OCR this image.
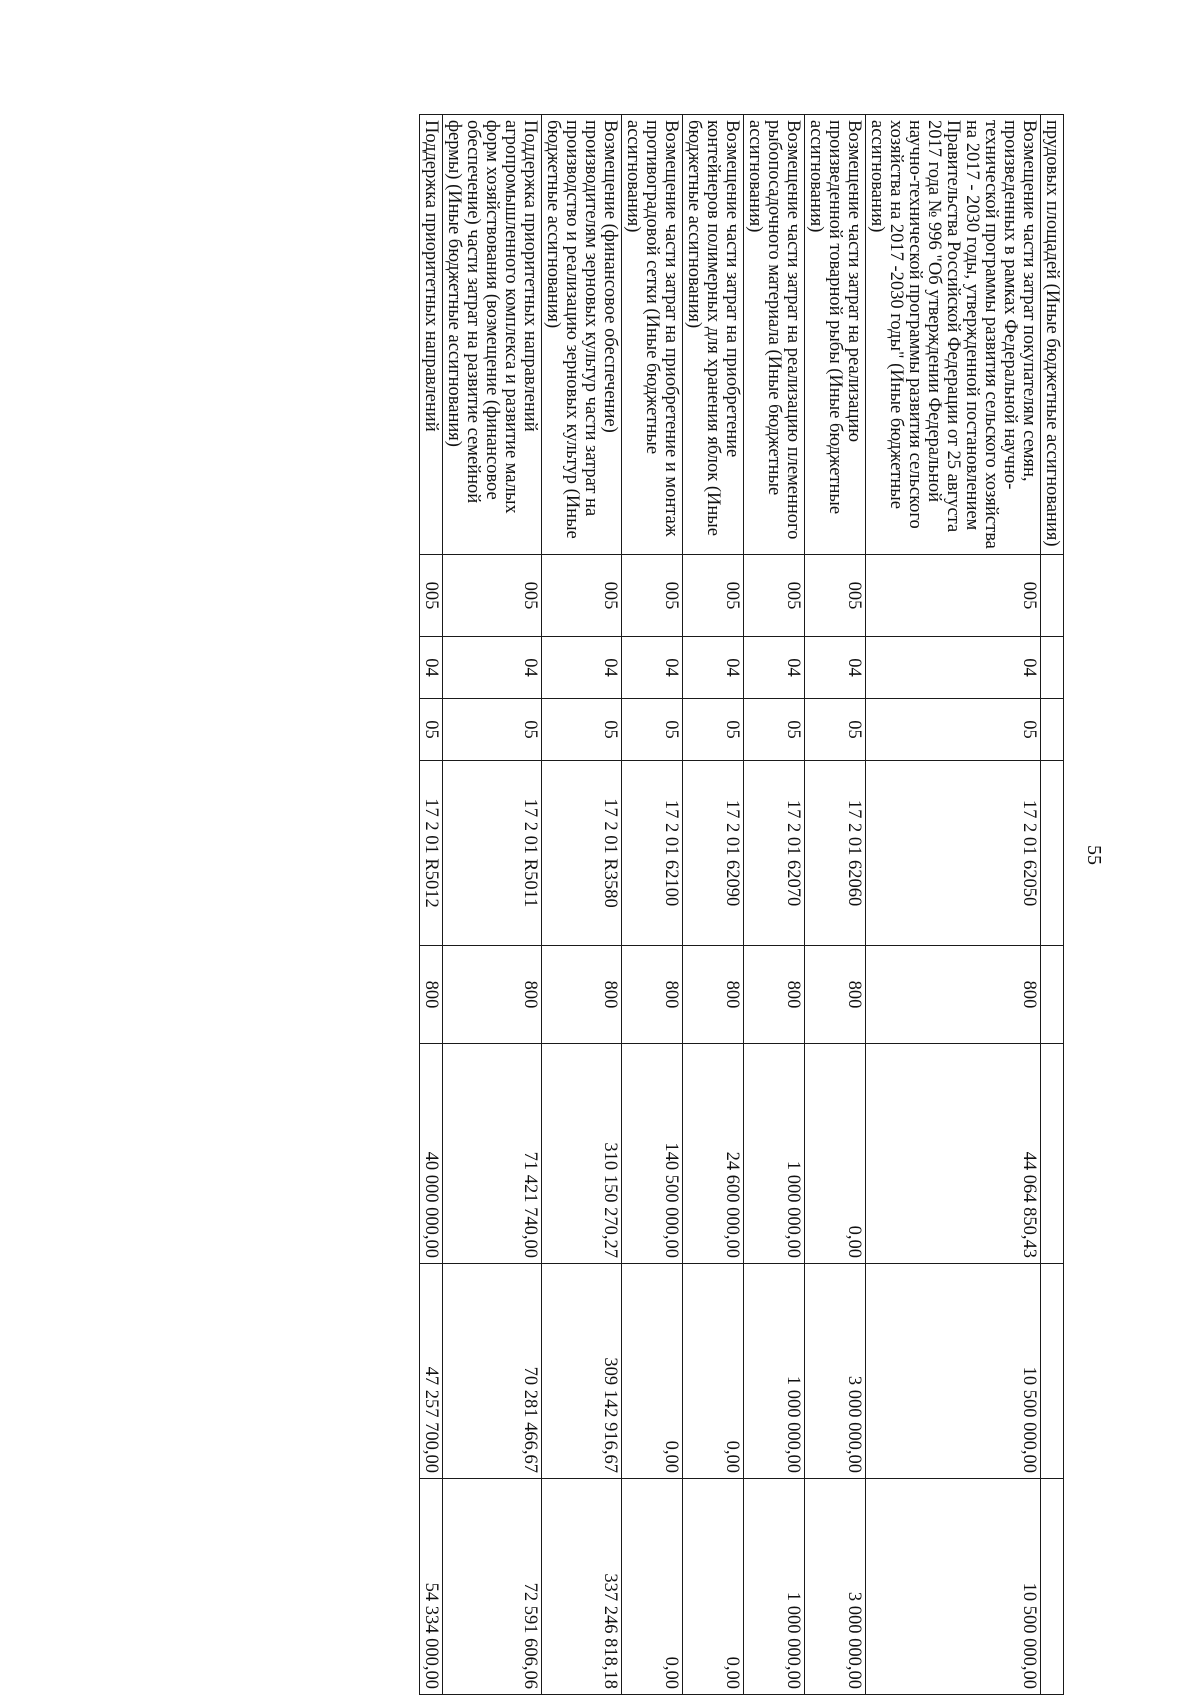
55
прудовых площадей (Иные бюджетные ассигнования)								
Возмещение части затрат покупателям семян, произведенных в рамках Федеральной научно-технической программы развития сельского хозяйства на 2017 - 2030 годы, утвержденной постановлением Правительства Российской Федерации от 25 августа 2017 года № 996 "Об утверждении Федеральной научно-технической программы развития сельского хозяйства на 2017 -2030 годы" (Иные бюджетные ассигнования)	005	04	05	17 2 01 62050	800	44 064 850,43	10 500 000,00	10 500 000,00
Возмещение части затрат на реализацию произведенной товарной рыбы (Иные бюджетные ассигнования)	005	04	05	17 2 01 62060	800	0,00	3 000 000,00	3 000 000,00
Возмещение части затрат на реализацию племенного рыбопосадочного материала (Иные бюджетные ассигнования)	005	04	05	17 2 01 62070	800	1 000 000,00	1 000 000,00	1 000 000,00
Возмещение части затрат на приобретение контейнеров полимерных для хранения яблок (Иные бюджетные ассигнования)	005	04	05	17 2 01 62090	800	24 600 000,00	0,00	0,00
Возмещение части затрат на приобретение и монтаж противоградовой сетки (Иные бюджетные ассигнования)	005	04	05	17 2 01 62100	800	140 500 000,00	0,00	0,00
Возмещение (финансовое обеспечение) производителям зерновых культур части затрат на производство и реализацию зерновых культур (Иные бюджетные ассигнования)	005	04	05	17 2 01 R3580	800	310 150 270,27	309 142 916,67	337 246 818,18
Поддержка приоритетных направлений агропромышленного комплекса и развитие малых форм хозяйствования (возмещение (финансовое обеспечение) части затрат на развитие семейной фермы) (Иные бюджетные ассигнования)	005	04	05	17 2 01 R5011	800	71 421 740,00	70 281 466,67	72 591 606,06
Поддержка приоритетных направлений	005	04	05	17 2 01 R5012	800	40 000 000,00	47 257 700,00	54 334 000,00
